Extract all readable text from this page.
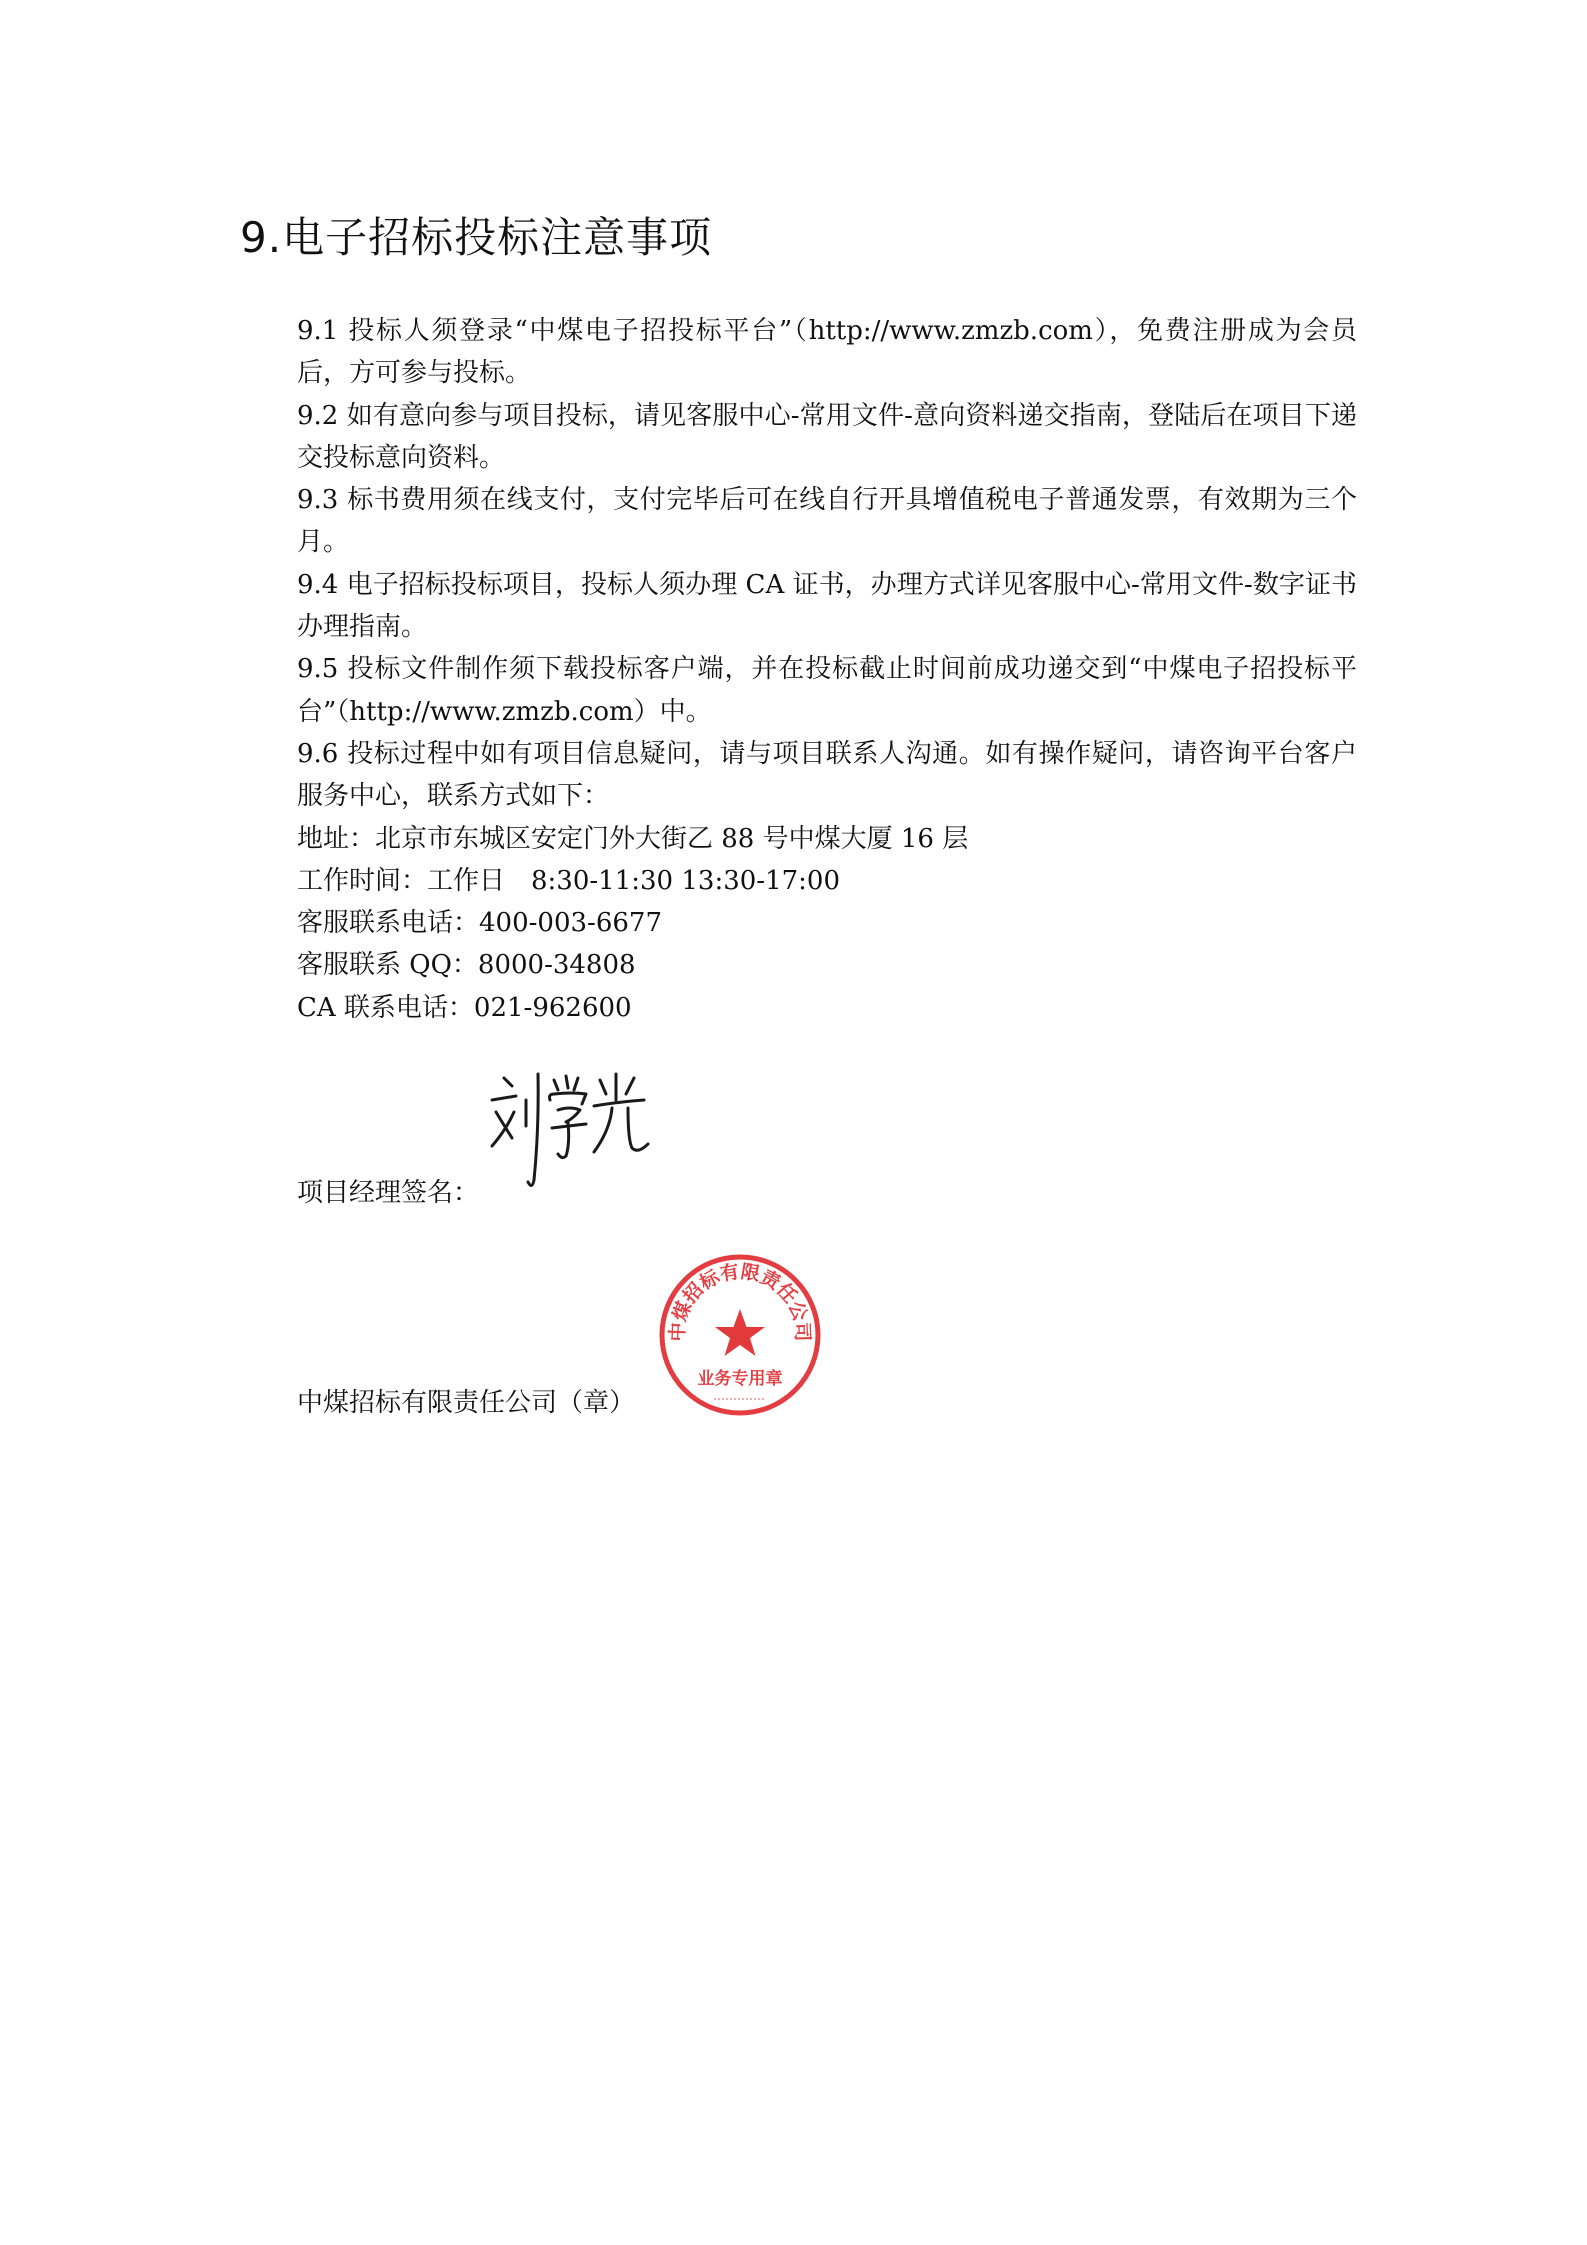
9.电子招标投标注意事项

9.1 投标人须登录“中煤电子招投标平台”（http://www.zmzb.com），免费注册成为会员后，方可参与投标。

9.2 如有意向参与项目投标，请见客服中心-常用文件-意向资料递交指南，登陆后在项目下递交投标意向资料。

9.3 标书费用须在线支付，支付完毕后可在线自行开具增值税电子普通发票，有效期为三个月。

9.4 电子招标投标项目，投标人须办理 CA 证书，办理方式详见客服中心-常用文件-数字证书办理指南。

9.5 投标文件制作须下载投标客户端，并在投标截止时间前成功递交到“中煤电子招投标平台”（http://www.zmzb.com）中。

9.6 投标过程中如有项目信息疑问，请与项目联系人沟通。如有操作疑问，请咨询平台客户服务中心，联系方式如下：

地址：北京市东城区安定门外大街乙 88 号中煤大厦 16 层

工作时间：工作日　8:30-11:30 13:30-17:00

客服联系电话：400-003-6677

客服联系 QQ：8000-34808

CA 联系电话：021-962600

项目经理签名：
中煤招标有限责任公司（章）
中煤招标有限责任公司
业务专用章
